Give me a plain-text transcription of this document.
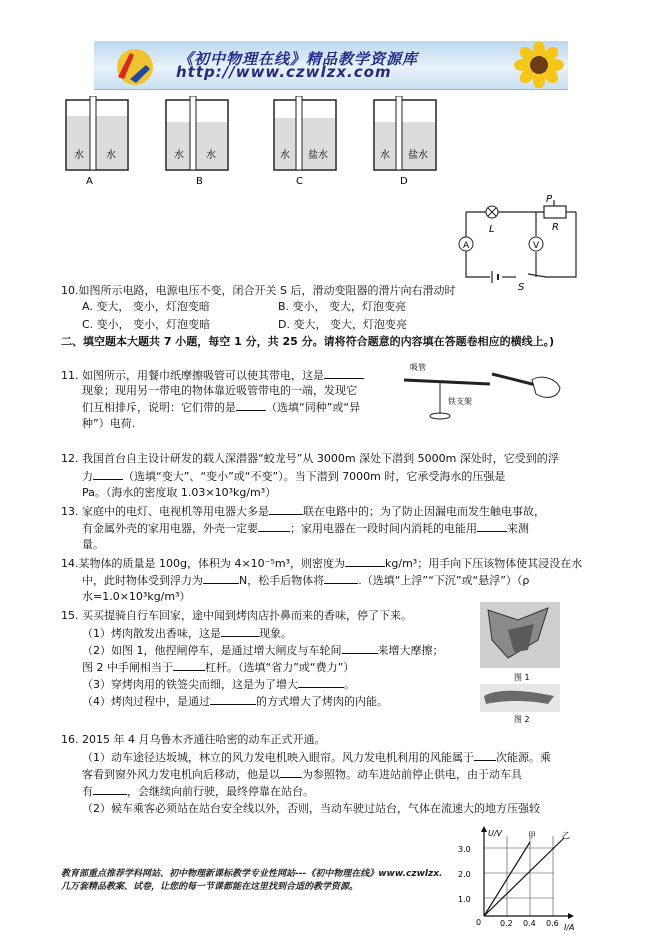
《初中物理在线》精品教学资源库
http://www.czwlzx.com
水 水	水 水	水 盐水	水 盐水
A	B	C	D
A	V
L
P
R
S
10.如图所示电路，电源电压不变，闭合开关 S 后，滑动变阻器的滑片向右滑动时
A. 变大， 变小，灯泡变暗	B. 变小， 变大，灯泡变亮
C. 变小， 变小，灯泡变暗	D. 变大， 变大，灯泡变亮
二、填空题本大题共 7 小题，每空 1 分，共 25 分。请将符合题意的内容填在答题卷相应的横线上。)
11. 如图所示，用餐巾纸摩擦吸管可以使其带电，这是
现象；现用另一带电的物体靠近吸管带电的一端，发现它
们互相排斥，说明：它们带的是	（选填“同种”或“异
种”）电荷.
吸管
铁支架
12. 我国首台自主设计研发的载人深潜器“蛟龙号”从 3000m 深处下潜到 5000m 深处时，它受到的浮
力	（选填“变大”、“变小”或“不变”）。当下潜到 7000m 时，它承受海水的压强是
Pa。（海水的密度取 1.03×10³kg/m³）
13. 家庭中的电灯、电视机等用电器大多是	联在电路中的；为了防止因漏电而发生触电事故，
有金属外壳的家用电器，外壳一定要	；家用电器在一段时间内消耗的电能用	来测
量。
14.某物体的质量是 100g，体积为 4×10⁻⁵m³，则密度为	kg/m³；用手向下压该物体使其浸没在水
中，此时物体受到浮力为	N，松手后物体将	.（选填“上浮”“下沉”或“悬浮”）（ρ
水=1.0×10³kg/m³）
15. 买买提骑自行车回家，途中闻到烤肉店扑鼻而来的香味，停了下来。
（1）烤肉散发出香味，这是	现象。
（2）如图 1，他捏闸停车，是通过增大闸皮与车轮间	来增大摩擦；
图 2 中手闸相当于	杠杆。（选填“省力”或“费力”）
（3）穿烤肉用的铁签尖而细，这是为了增大	。
（4）烤肉过程中，是通过	的方式增大了烤肉的内能。
图 1
图 2
16. 2015 年 4 月乌鲁木齐通往哈密的动车正式开通。
（1）动车途径达坂城，林立的风力发电机映入眼帘。风力发电机利用的风能属于 次能源。乘
客看到窗外风力发电机向后移动，他是以 为参照物。动车进站前停止供电，由于动车具
有	，会继续向前行驶，最终停靠在站台。
（2）候车乘客必须站在站台安全线以外，否则，当动车驶过站台，气体在流速大的地方压强较
1.0
2.0
3.0
0.2 0.4 0.6
0
U/V
I/A
甲	乙
教育部重点推荐学科网站、初中物理新课标教学专业性网站---《初中物理在线》www.czwlzx.
几万套精品教案、试卷，让您的每一节课都能在这里找到合适的教学资源。
